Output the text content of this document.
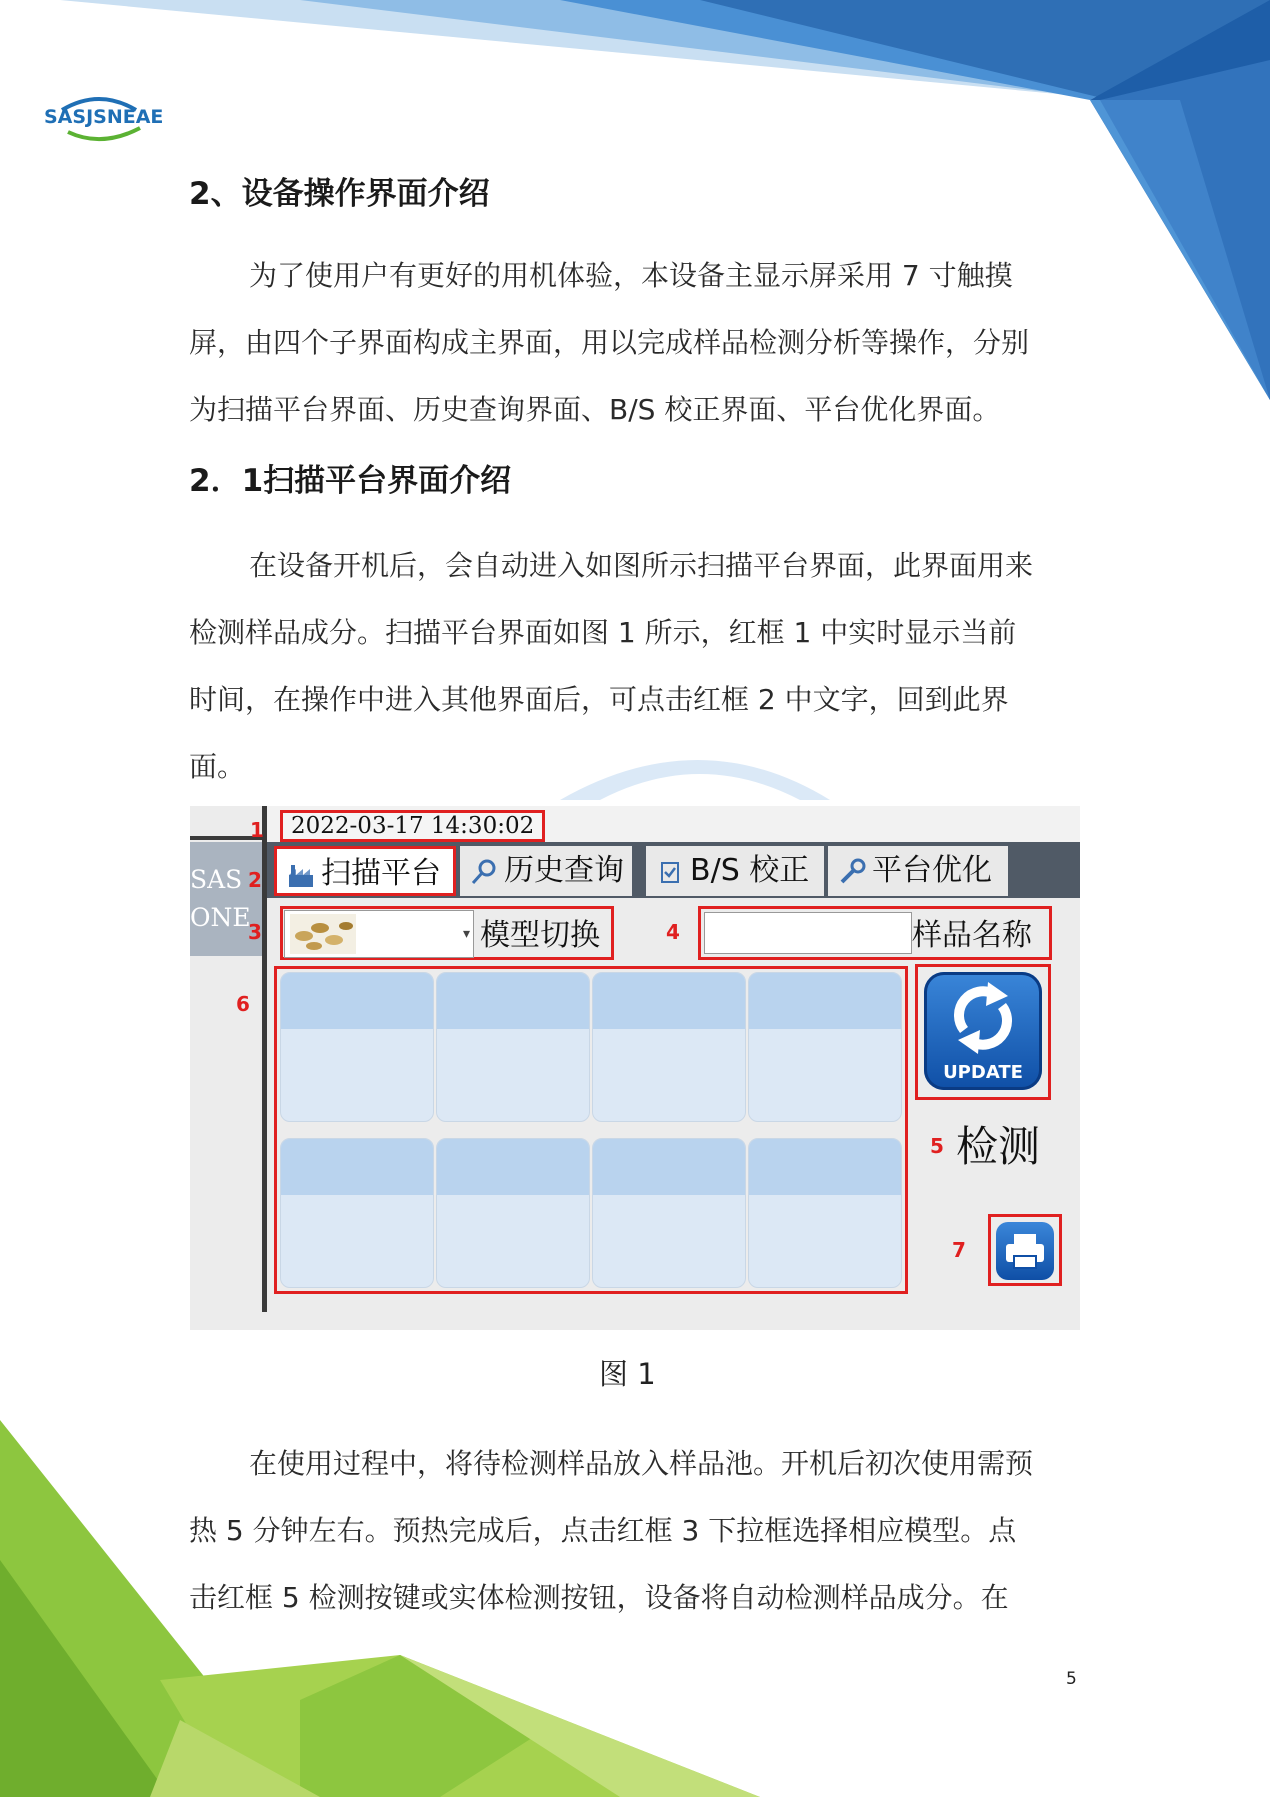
SASJSNEAE
2、设备操作界面介绍

为了使用户有更好的用机体验，本设备主显示屏采用 7 寸触摸

屏，由四个子界面构成主界面，用以完成样品检测分析等操作，分别

为扫描平台界面、历史查询界面、B/S 校正界面、平台优化界面。

2．1扫描平台界面介绍

在设备开机后，会自动进入如图所示扫描平台界面，此界面用来

检测样品成分。扫描平台界面如图 1 所示，红框 1 中实时显示当前

时间，在操作中进入其他界面后，可点击红框 2 中文字，回到此界

面。

SAS
ONE
1	2022-03-17 14:30:02
2	扫描平台	历史查询	B/S 校正	平台优化
3	▾ 模型切换	4	样品名称
6
UPDATE
5 检测
7
图 1

在使用过程中，将待检测样品放入样品池。开机后初次使用需预

热 5 分钟左右。预热完成后，点击红框 3 下拉框选择相应模型。点

击红框 5 检测按键或实体检测按钮，设备将自动检测样品成分。在

5
